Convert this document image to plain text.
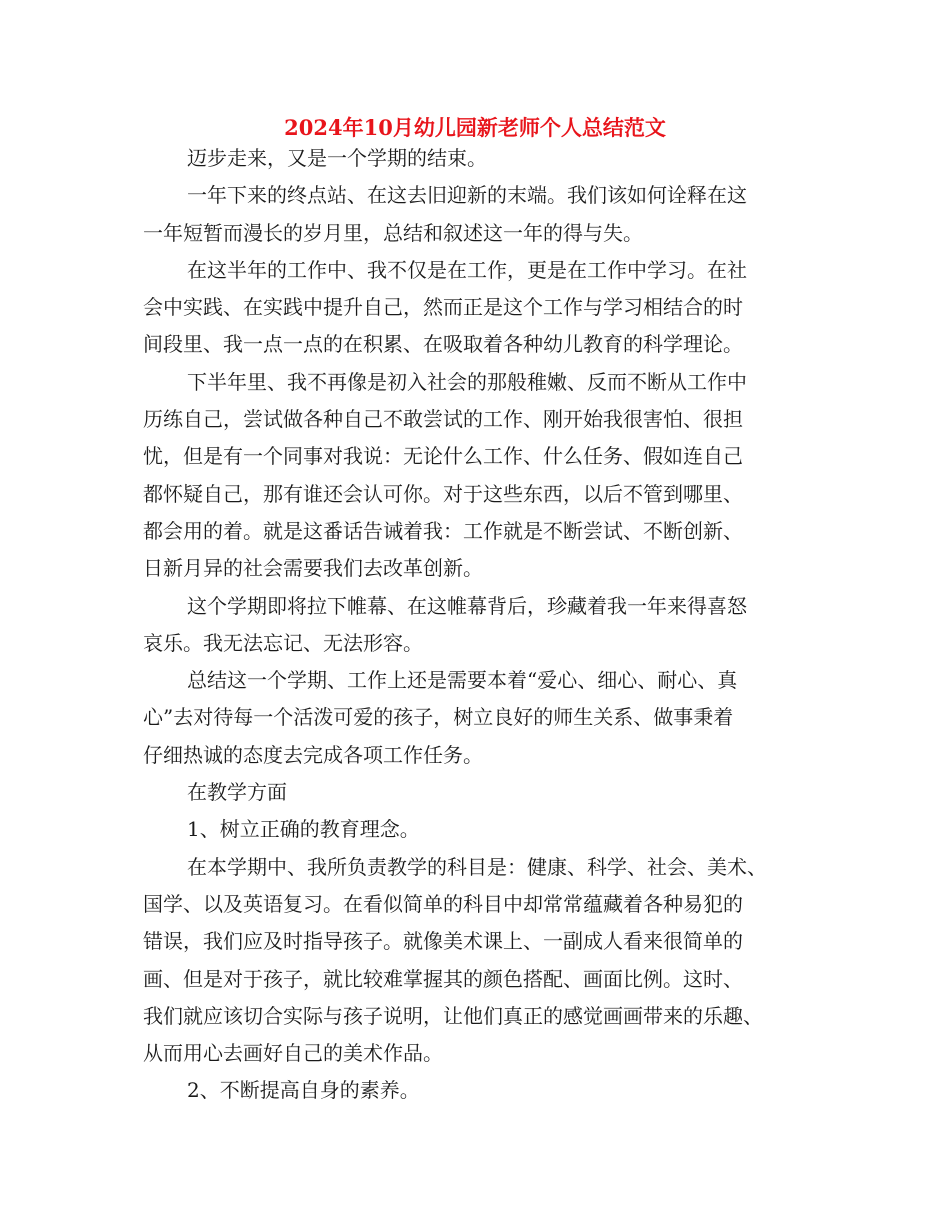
2024年10月幼儿园新老师个人总结范文
迈步走来，又是一个学期的结束。
一年下来的终点站、在这去旧迎新的末端。我们该如何诠释在这
一年短暂而漫长的岁月里，总结和叙述这一年的得与失。
在这半年的工作中、我不仅是在工作，更是在工作中学习。在社
会中实践、在实践中提升自己，然而正是这个工作与学习相结合的时
间段里、我一点一点的在积累、在吸取着各种幼儿教育的科学理论。
下半年里、我不再像是初入社会的那般稚嫩、反而不断从工作中
历练自己，尝试做各种自己不敢尝试的工作、刚开始我很害怕、很担
忧，但是有一个同事对我说：无论什么工作、什么任务、假如连自己
都怀疑自己，那有谁还会认可你。对于这些东西，以后不管到哪里、
都会用的着。就是这番话告诫着我：工作就是不断尝试、不断创新、
日新月异的社会需要我们去改革创新。
这个学期即将拉下帷幕、在这帷幕背后，珍藏着我一年来得喜怒
哀乐。我无法忘记、无法形容。
总结这一个学期、工作上还是需要本着“爱心、细心、耐心、真
心”去对待每一个活泼可爱的孩子，树立良好的师生关系、做事秉着
仔细热诚的态度去完成各项工作任务。
在教学方面
1、树立正确的教育理念。
在本学期中、我所负责教学的科目是：健康、科学、社会、美术、
国学、以及英语复习。在看似简单的科目中却常常蕴藏着各种易犯的
错误，我们应及时指导孩子。就像美术课上、一副成人看来很简单的
画、但是对于孩子，就比较难掌握其的颜色搭配、画面比例。这时、
我们就应该切合实际与孩子说明，让他们真正的感觉画画带来的乐趣、
从而用心去画好自己的美术作品。
2、不断提高自身的素养。
